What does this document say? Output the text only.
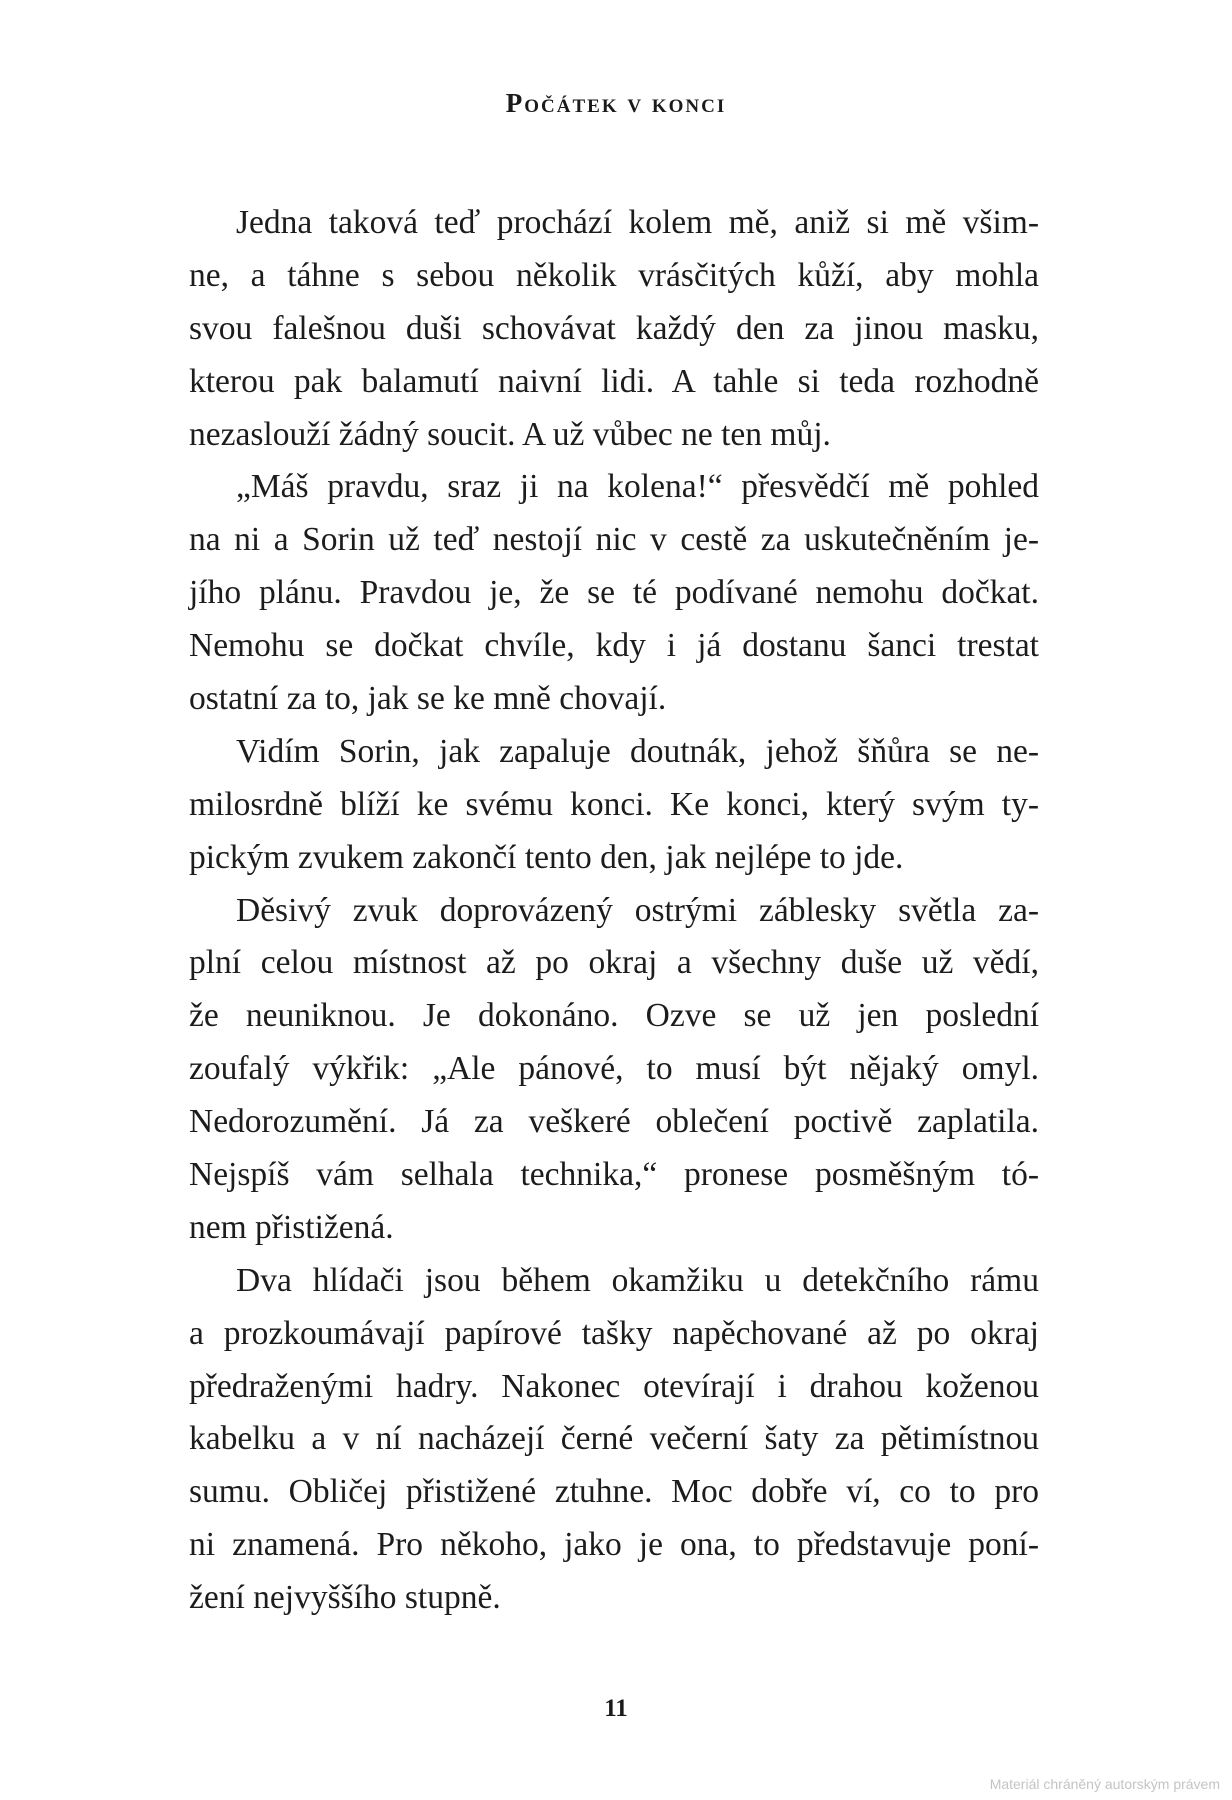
Počátek v konci
Jedna taková teď prochází kolem mě, aniž si mě všim-
ne, a táhne s sebou několik vrásčitých kůží, aby mohla
svou falešnou duši schovávat každý den za jinou masku,
kterou pak balamutí naivní lidi. A tahle si teda rozhodně
nezaslouží žádný soucit. A už vůbec ne ten můj.
„Máš pravdu, sraz ji na kolena!“ přesvědčí mě pohled
na ni a Sorin už teď nestojí nic v cestě za uskutečněním je-
jího plánu. Pravdou je, že se té podívané nemohu dočkat.
Nemohu se dočkat chvíle, kdy i já dostanu šanci trestat
ostatní za to, jak se ke mně chovají.
Vidím Sorin, jak zapaluje doutnák, jehož šňůra se ne-
milosrdně blíží ke svému konci. Ke konci, který svým ty-
pickým zvukem zakončí tento den, jak nejlépe to jde.
Děsivý zvuk doprovázený ostrými záblesky světla za-
plní celou místnost až po okraj a všechny duše už vědí,
že neuniknou. Je dokonáno. Ozve se už jen poslední
zoufalý výkřik: „Ale pánové, to musí být nějaký omyl.
Nedorozumění. Já za veškeré oblečení poctivě zaplatila.
Nejspíš vám selhala technika,“ pronese posměšným tó-
nem přistižená.
Dva hlídači jsou během okamžiku u detekčního rámu
a prozkoumávají papírové tašky napěchované až po okraj
předraženými hadry. Nakonec otevírají i drahou koženou
kabelku a v ní nacházejí černé večerní šaty za pětimístnou
sumu. Obličej přistižené ztuhne. Moc dobře ví, co to pro
ni znamená. Pro někoho, jako je ona, to představuje poní-
žení nejvyššího stupně.
11
Materiál chráněný autorským právem
